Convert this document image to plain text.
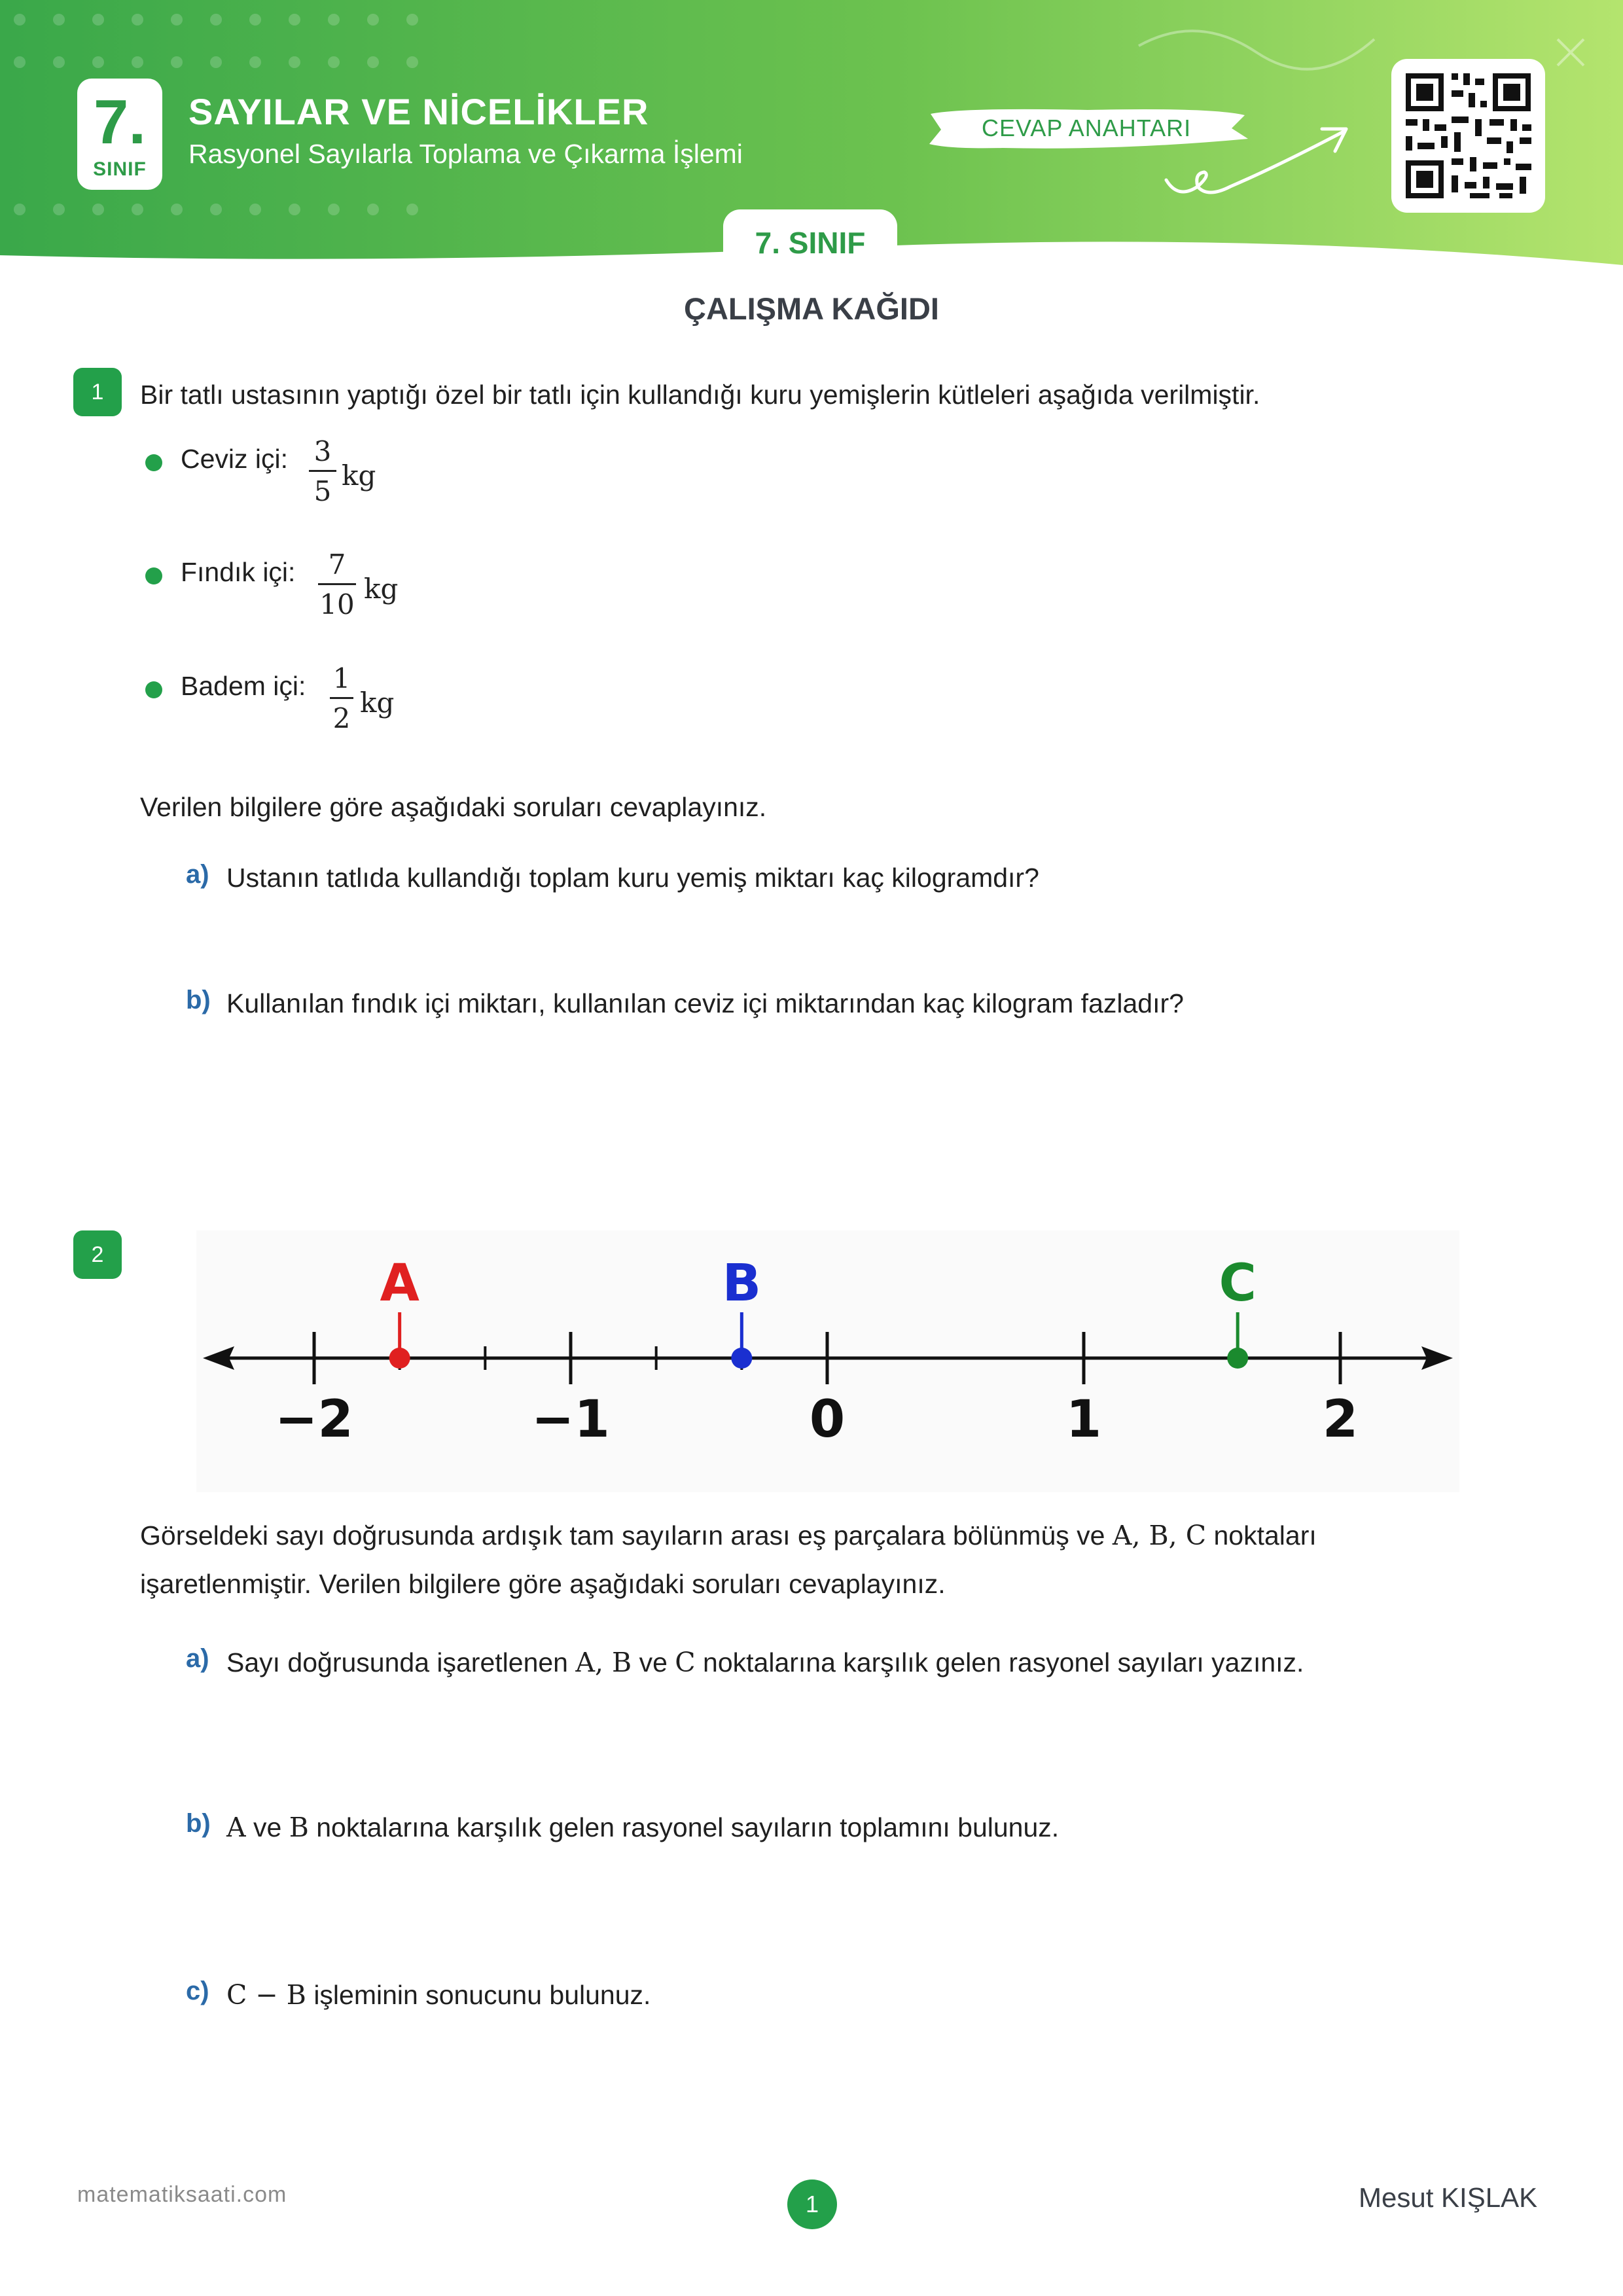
7.
SINIF
SAYILAR VE NİCELİKLER
Rasyonel Sayılarla Toplama ve Çıkarma İşlemi
CEVAP ANAHTARI
7. SINIF
ÇALIŞMA KAĞIDI
1	Bir tatlı ustasının yaptığı özel bir tatlı için kullandığı kuru yemişlerin kütleleri aşağıda verilmiştir.
Ceviz içi: 3
5 kg
Fındık içi:	7
10 kg
Badem içi: 1
2 kg
Verilen bilgilere göre aşağıdaki soruları cevaplayınız.
a) Ustanın tatlıda kullandığı toplam kuru yemiş miktarı kaç kilogramdır?
b) Kullanılan fındık içi miktarı, kullanılan ceviz içi miktarından kaç kilogram fazladır?
2
−2	−1	0	1	2
A	B	C
Görseldeki sayı doğrusunda ardışık tam sayıların arası eş parçalara bölünmüş ve A, B, C noktaları
işaretlenmiştir. Verilen bilgilere göre aşağıdaki soruları cevaplayınız.
a) Sayı doğrusunda işaretlenen A, B ve C noktalarına karşılık gelen rasyonel sayıları yazınız.
b) A ve B noktalarına karşılık gelen rasyonel sayıların toplamını bulunuz.
c) C − B işleminin sonucunu bulunuz.
matematiksaati.com	1	Mesut KIŞLAK
